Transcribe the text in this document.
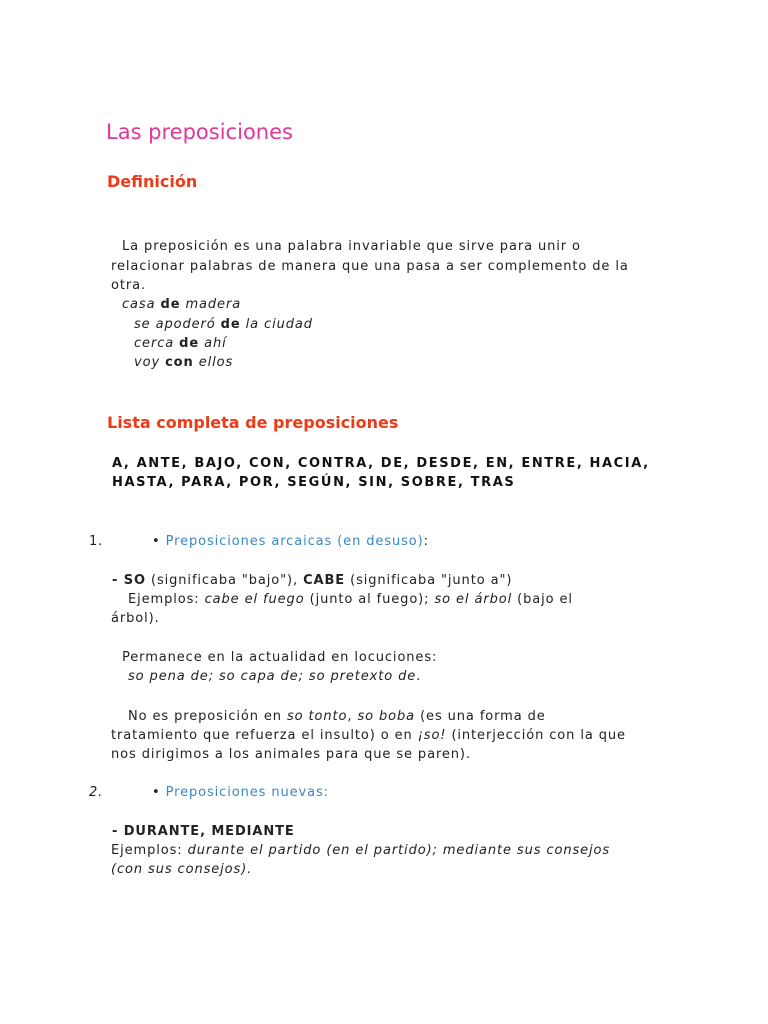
Las preposiciones
Definición
La preposición es una palabra invariable que sirve para unir o
relacionar palabras de manera que una pasa a ser complemento de la
otra.
casa de madera
se apoderó de la ciudad
cerca de ahí
voy con ellos
Lista completa de preposiciones
A, ANTE, BAJO, CON, CONTRA, DE, DESDE, EN, ENTRE, HACIA,
HASTA, PARA, POR, SEGÚN, SIN, SOBRE, TRAS
1.	• Preposiciones arcaicas (en desuso):
- SO (significaba "bajo"), CABE (significaba "junto a")
Ejemplos: cabe el fuego (junto al fuego); so el árbol (bajo el
árbol).
Permanece en la actualidad en locuciones:
so pena de; so capa de; so pretexto de.
No es preposición en so tonto, so boba (es una forma de
tratamiento que refuerza el insulto) o en ¡so! (interjección con la que
nos dirigimos a los animales para que se paren).
2.	• Preposiciones nuevas:
- DURANTE, MEDIANTE
Ejemplos: durante el partido (en el partido); mediante sus consejos
(con sus consejos).
